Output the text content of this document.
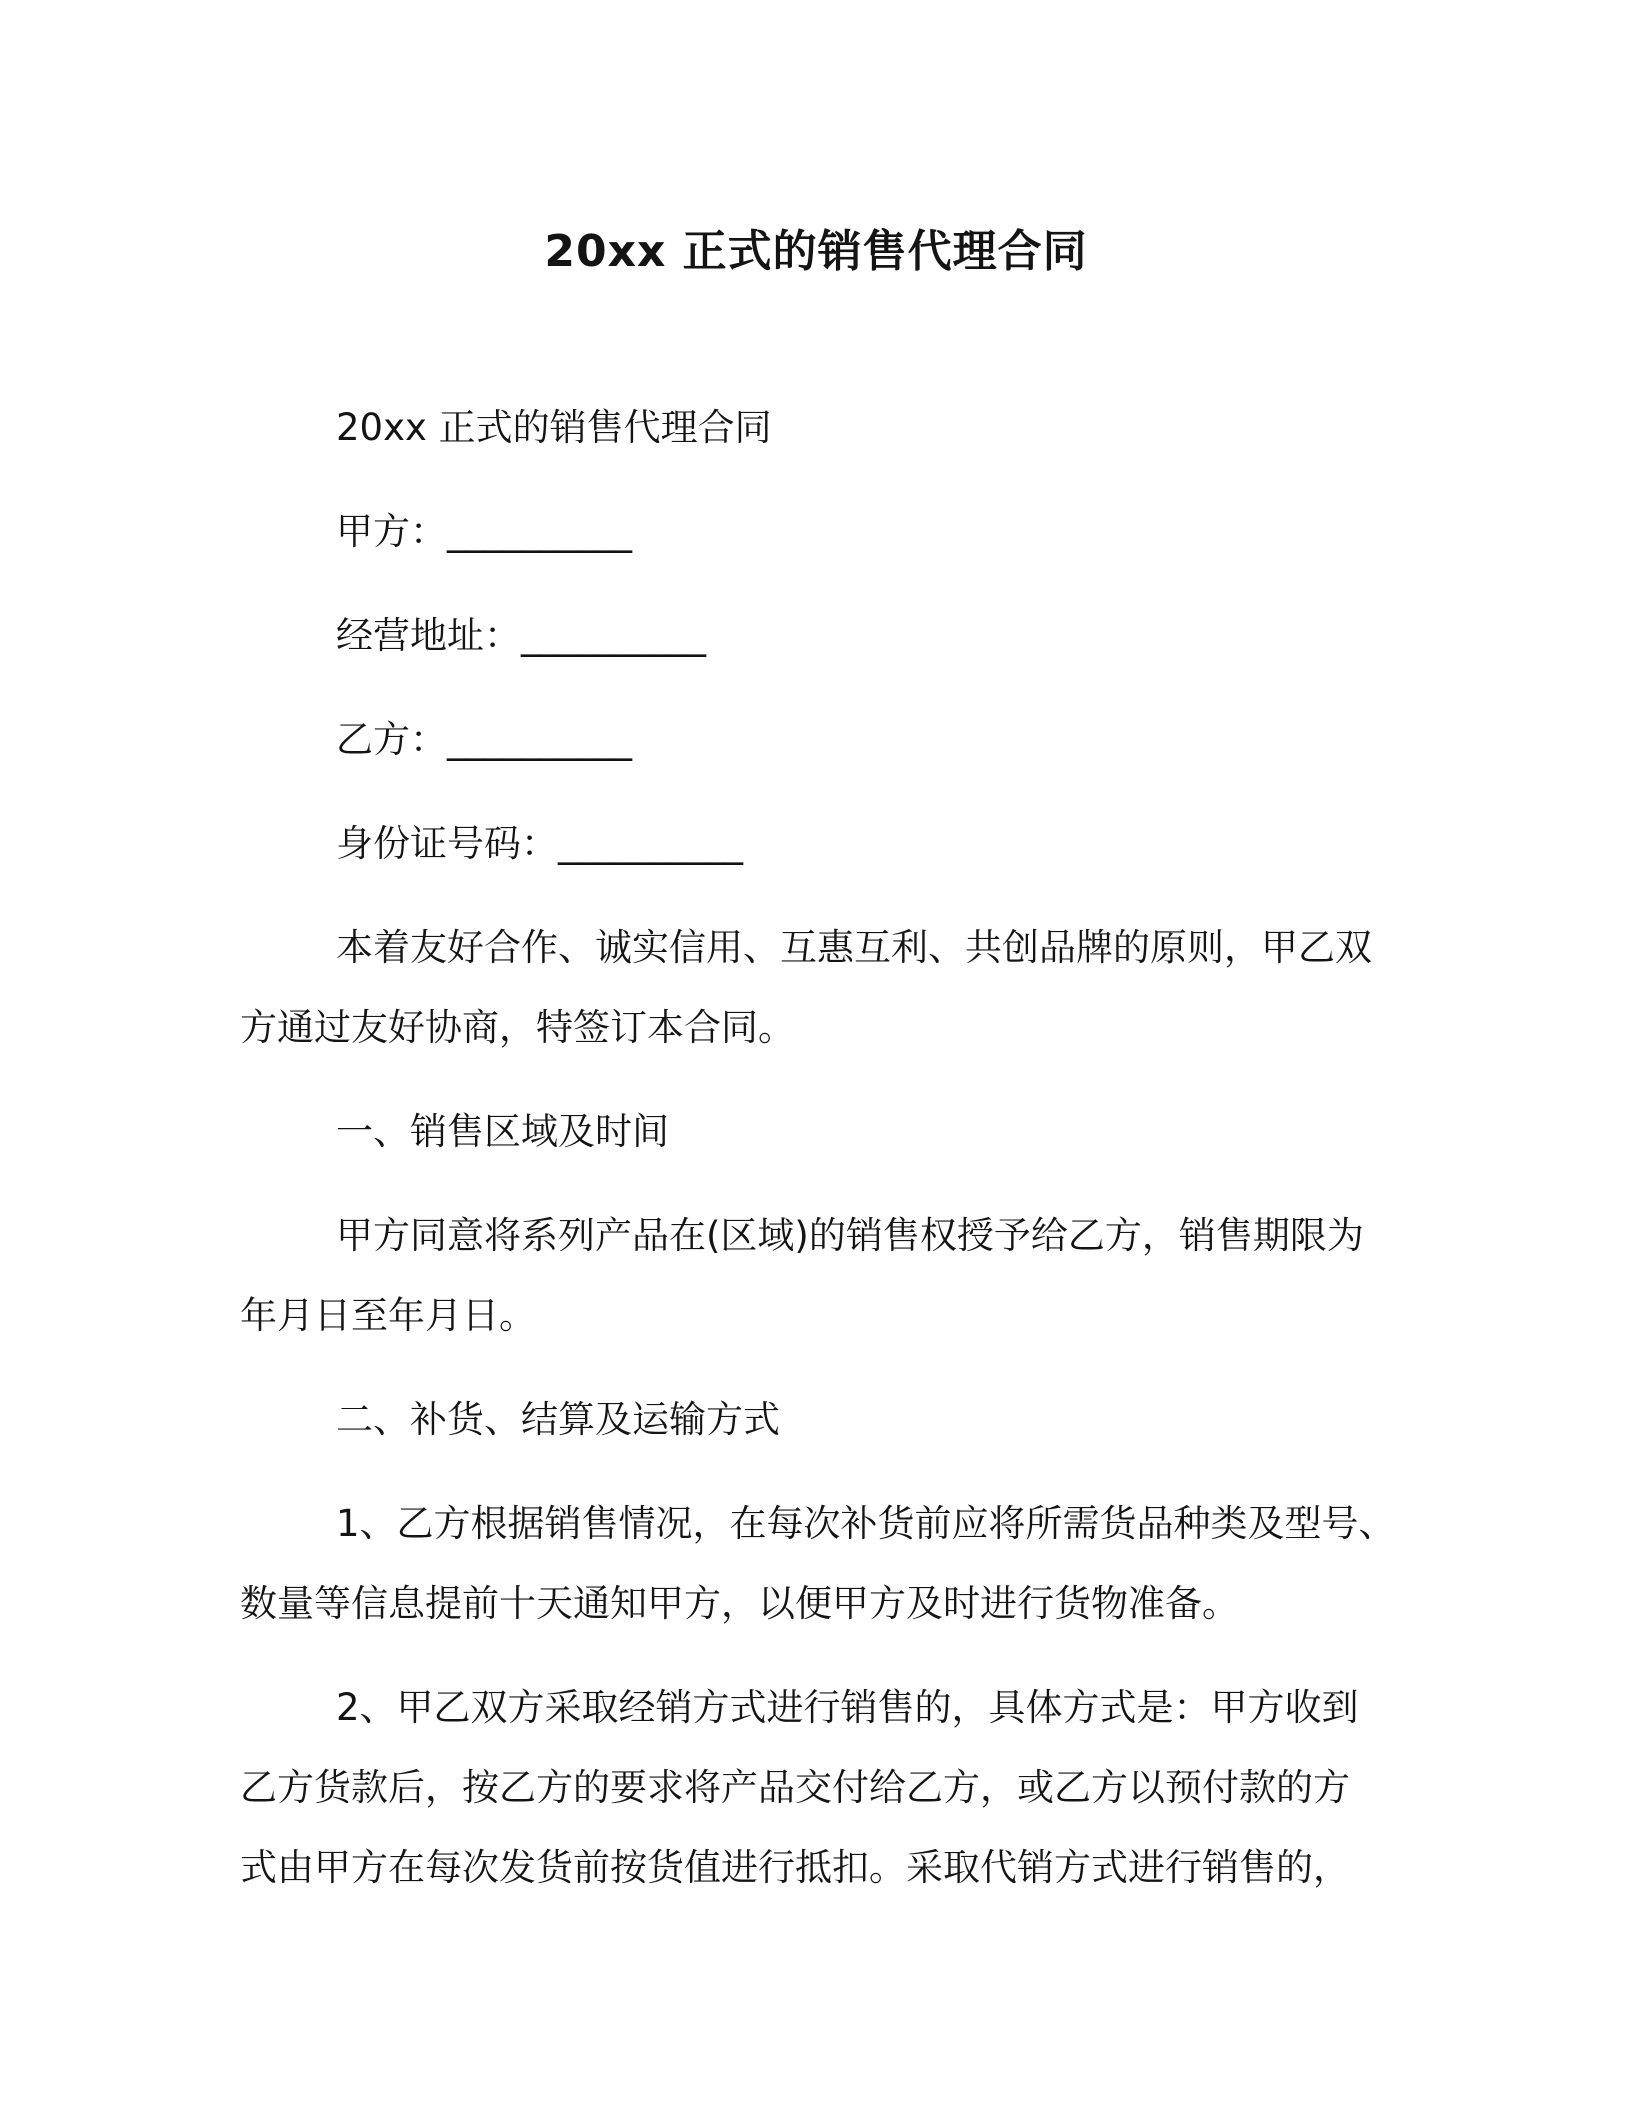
20xx 正式的销售代理合同
20xx 正式的销售代理合同
甲方：__________
经营地址：__________
乙方：__________
身份证号码：__________
本着友好合作、诚实信用、互惠互利、共创品牌的原则，甲乙双
方通过友好协商，特签订本合同。
一、销售区域及时间
甲方同意将系列产品在(区域)的销售权授予给乙方，销售期限为
年月日至年月日。
二、补货、结算及运输方式
1、乙方根据销售情况，在每次补货前应将所需货品种类及型号、
数量等信息提前十天通知甲方，以便甲方及时进行货物准备。
2、甲乙双方采取经销方式进行销售的，具体方式是：甲方收到
乙方货款后，按乙方的要求将产品交付给乙方，或乙方以预付款的方
式由甲方在每次发货前按货值进行抵扣。采取代销方式进行销售的，
